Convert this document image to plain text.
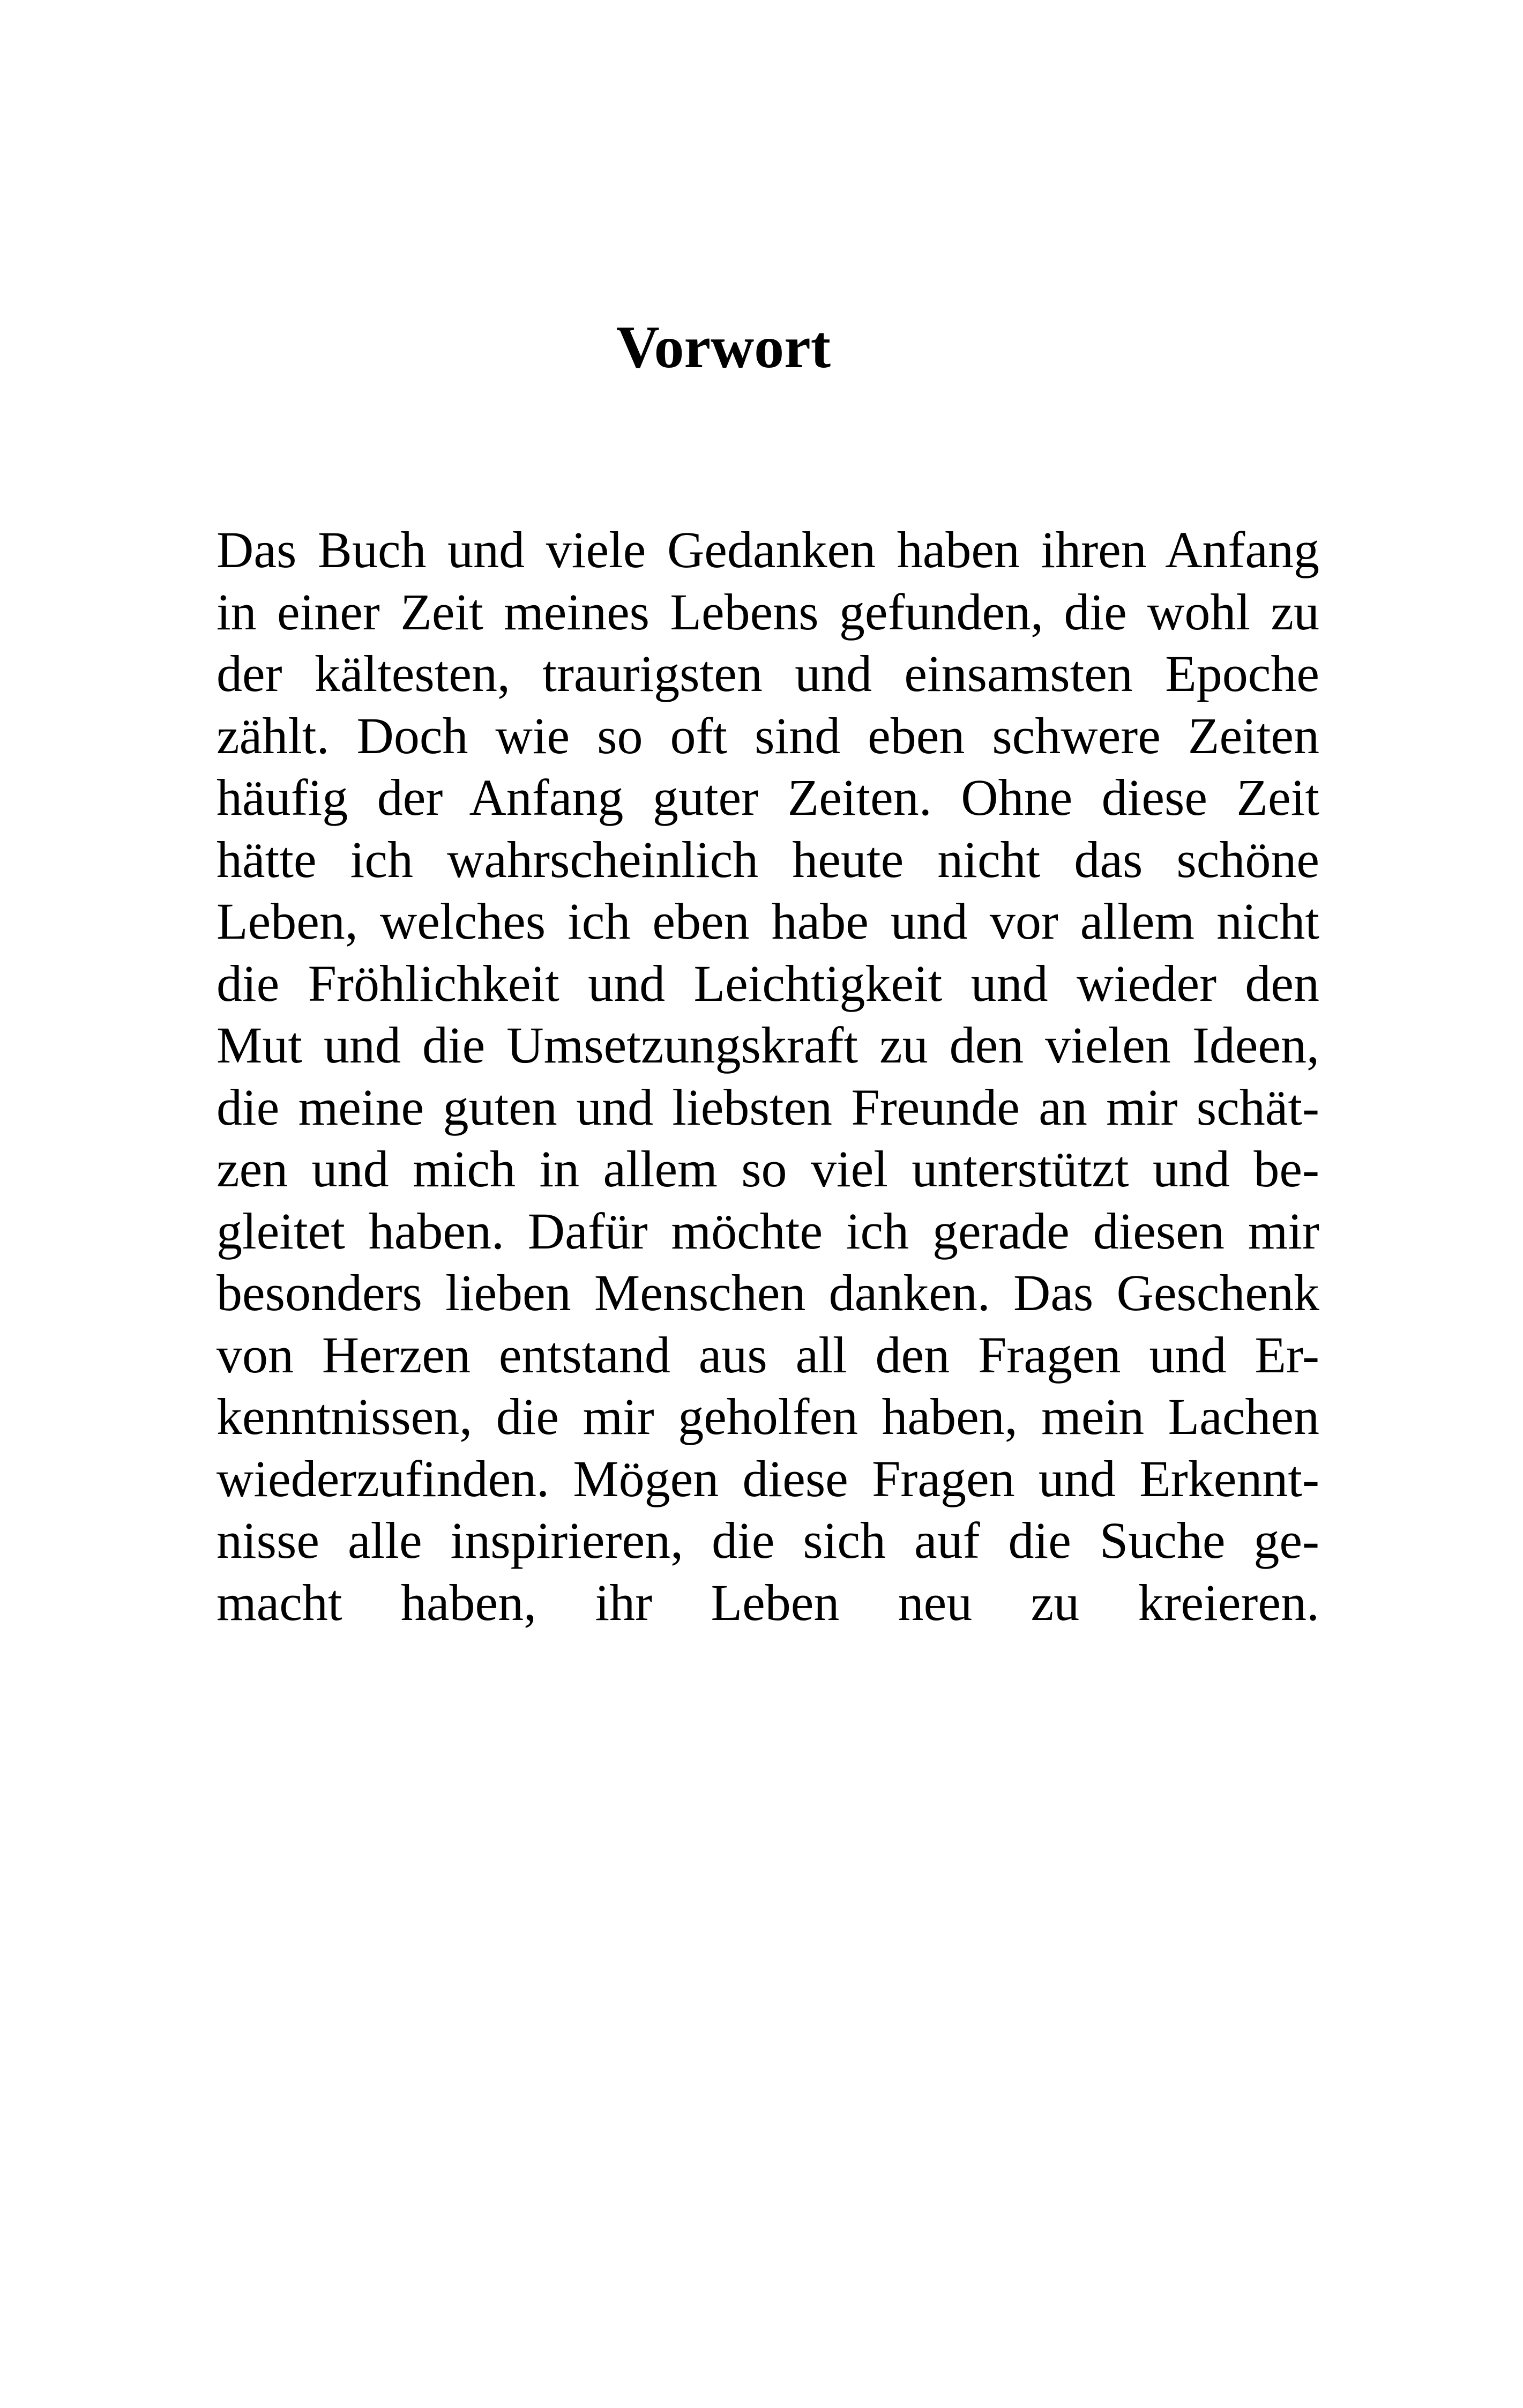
Vorwort
Das Buch und viele Gedanken haben ihren Anfang
in einer Zeit meines Lebens gefunden, die wohl zu
der kältesten, traurigsten und einsamsten Epoche
zählt. Doch wie so oft sind eben schwere Zeiten
häufig der Anfang guter Zeiten. Ohne diese Zeit
hätte ich wahrscheinlich heute nicht das schöne
Leben, welches ich eben habe und vor allem nicht
die Fröhlichkeit und Leichtigkeit und wieder den
Mut und die Umsetzungskraft zu den vielen Ideen,
die meine guten und liebsten Freunde an mir schät-
zen und mich in allem so viel unterstützt und be-
gleitet haben. Dafür möchte ich gerade diesen mir
besonders lieben Menschen danken. Das Geschenk
von Herzen entstand aus all den Fragen und Er-
kenntnissen, die mir geholfen haben, mein Lachen
wiederzufinden. Mögen diese Fragen und Erkennt-
nisse alle inspirieren, die sich auf die Suche ge-
macht haben, ihr Leben neu zu kreieren.
